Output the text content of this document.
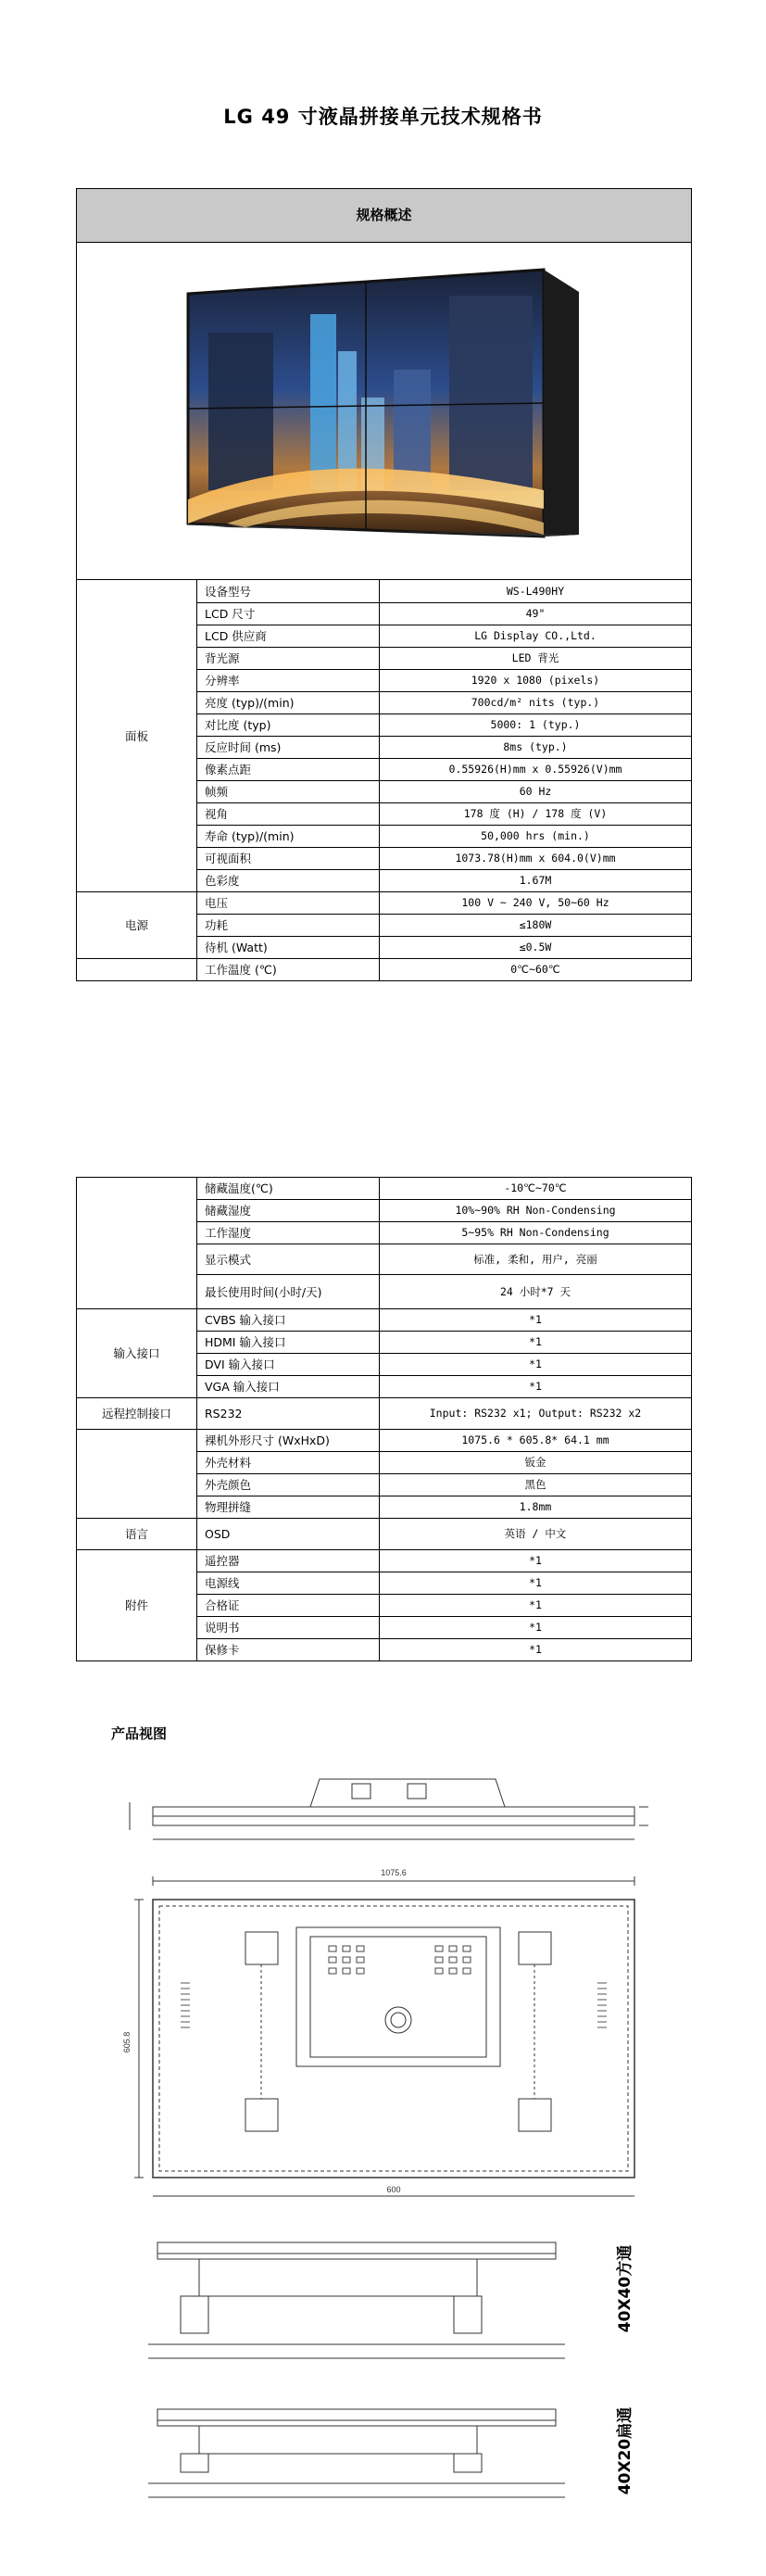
LG 49 寸液晶拼接单元技术规格书
规格概述		

面板	设备型号	WS-L490HY
	LCD 尺寸	49"
	LCD 供应商	LG Display CO.,Ltd.
	背光源	LED 背光
	分辨率	1920 x 1080 (pixels)
	亮度 (typ)/(min)	700cd/m² nits (typ.)
	对比度 (typ)	5000: 1 (typ.)
	反应时间 (ms)	8ms (typ.)
	像素点距	0.55926(H)mm x 0.55926(V)mm
	帧频	60 Hz
	视角	178 度 (H) / 178 度 (V)
	寿命 (typ)/(min)	50,000 hrs (min.)
	可视面积	1073.78(H)mm x 604.0(V)mm
	色彩度	1.67M
电源	电压	100 V ~ 240 V, 50~60 Hz
	功耗	≤180W
	待机 (Watt)	≤0.5W
	工作温度 (℃)	0℃~60℃
	储藏温度(℃)	-10℃~70℃
	储藏湿度	10%~90% RH Non-Condensing
	工作湿度	5~95% RH Non-Condensing
	显示模式	标准, 柔和, 用户, 亮丽
	最长使用时间(小时/天)	24 小时*7 天
输入接口	CVBS 输入接口	*1
	HDMI 输入接口	*1
	DVI 输入接口	*1
	VGA 输入接口	*1
远程控制接口	RS232	Input: RS232 x1; Output: RS232 x2
	裸机外形尺寸 (WxHxD)	1075.6 * 605.8* 64.1 mm
	外壳材料	钣金
	外壳颜色	黑色
	物理拼缝	1.8mm
语言	OSD	英语 / 中文
附件	遥控器	*1
	电源线	*1
	合格证	*1
	说明书	*1
	保修卡	*1
产品视图
1075.6
605.8
600
40X40方通
40X20扁通
